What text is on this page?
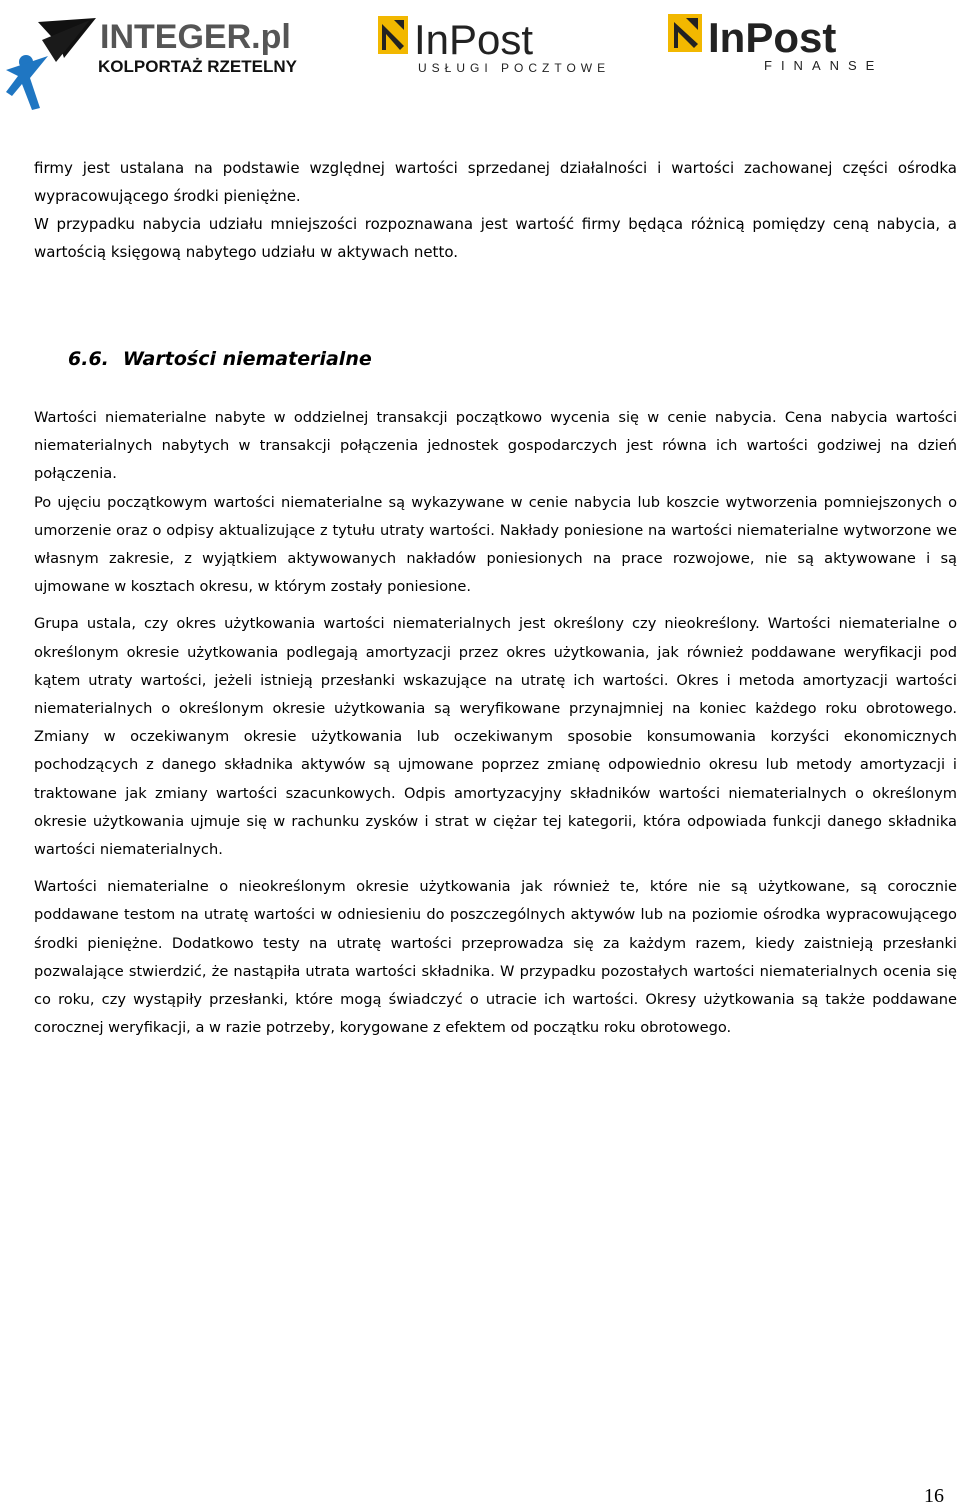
INTEGER.pl
KOLPORTAŻ RZETELNY
InPost
USŁUGI POCZTOWE
InPost
FINANSE

firmy jest ustalana na podstawie względnej wartości sprzedanej działalności i wartości zachowanej części ośrodka wypracowującego środki pieniężne.

W przypadku nabycia udziału mniejszości rozpoznawana jest wartość firmy będąca różnicą pomiędzy ceną nabycia, a wartością księgową nabytego udziału w aktywach netto.

6.6. Wartości niematerialne

Wartości niematerialne nabyte w oddzielnej transakcji początkowo wycenia się w cenie nabycia. Cena nabycia wartości niematerialnych nabytych w transakcji połączenia jednostek gospodarczych jest równa ich wartości godziwej na dzień połączenia.

Po ujęciu początkowym wartości niematerialne są wykazywane w cenie nabycia lub koszcie wytworzenia pomniejszonych o umorzenie oraz o odpisy aktualizujące z tytułu utraty wartości. Nakłady poniesione na wartości niematerialne wytworzone we własnym zakresie, z wyjątkiem aktywowanych nakładów poniesionych na prace rozwojowe, nie są aktywowane i są ujmowane w kosztach okresu, w którym zostały poniesione.

Grupa ustala, czy okres użytkowania wartości niematerialnych jest określony czy nieokreślony. Wartości niematerialne o określonym okresie użytkowania podlegają amortyzacji przez okres użytkowania, jak również poddawane weryfikacji pod kątem utraty wartości, jeżeli istnieją przesłanki wskazujące na utratę ich wartości. Okres i metoda amortyzacji wartości niematerialnych o określonym okresie użytkowania są weryfikowane przynajmniej na koniec każdego roku obrotowego. Zmiany w oczekiwanym okresie użytkowania lub oczekiwanym sposobie konsumowania korzyści ekonomicznych pochodzących z danego składnika aktywów są ujmowane poprzez zmianę odpowiednio okresu lub metody amortyzacji i traktowane jak zmiany wartości szacunkowych. Odpis amortyzacyjny składników wartości niematerialnych o określonym okresie użytkowania ujmuje się w rachunku zysków i strat w ciężar tej kategorii, która odpowiada funkcji danego składnika wartości niematerialnych.

Wartości niematerialne o nieokreślonym okresie użytkowania jak również te, które nie są użytkowane, są corocznie poddawane testom na utratę wartości w odniesieniu do poszczególnych aktywów lub na poziomie ośrodka wypracowującego środki pieniężne. Dodatkowo testy na utratę wartości przeprowadza się za każdym razem, kiedy zaistnieją przesłanki pozwalające stwierdzić, że nastąpiła utrata wartości składnika. W przypadku pozostałych wartości niematerialnych ocenia się co roku, czy wystąpiły przesłanki, które mogą świadczyć o utracie ich wartości. Okresy użytkowania są także poddawane corocznej weryfikacji, a w razie potrzeby, korygowane z efektem od początku roku obrotowego.

16
